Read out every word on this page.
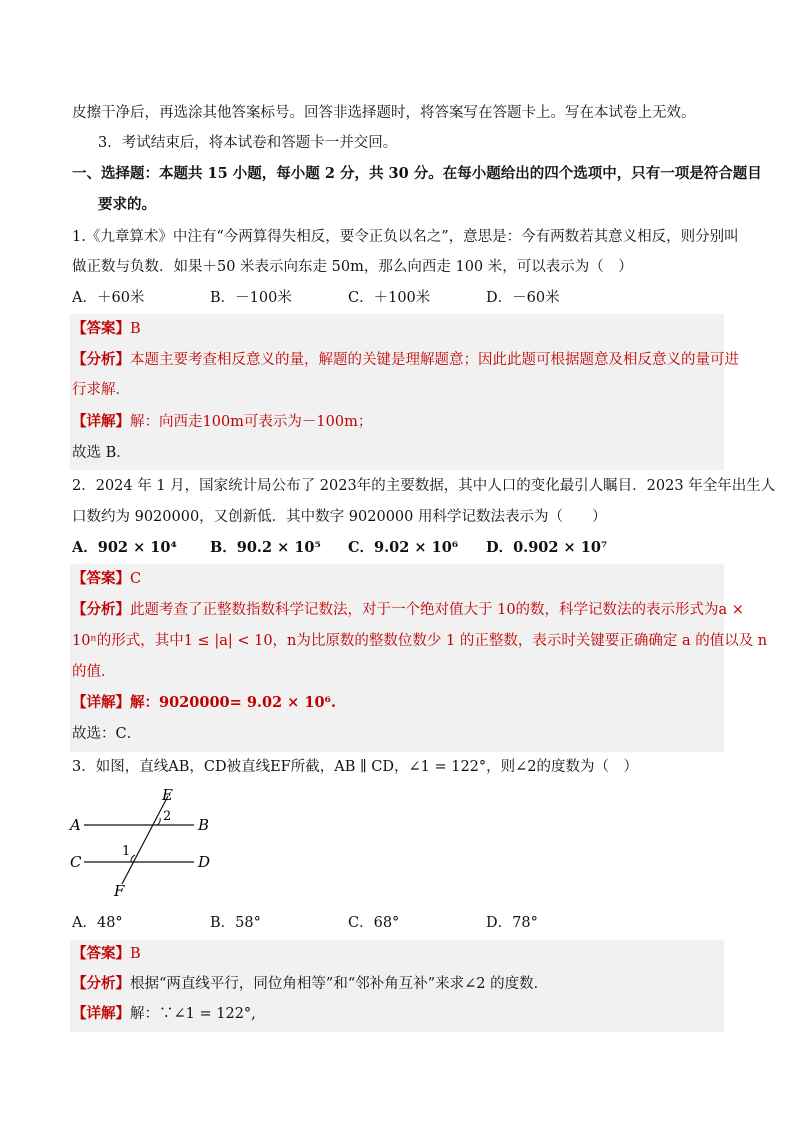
皮擦干净后，再选涂其他答案标号。回答非选择题时，将答案写在答题卡上。写在本试卷上无效。
3．考试结束后，将本试卷和答题卡一并交回。
一、选择题：本题共 15 小题，每小题 2 分，共 30 分。在每小题给出的四个选项中，只有一项是符合题目
要求的。
1.《九章算术》中注有“今两算得失相反，要令正负以名之”，意思是：今有两数若其意义相反，则分别叫
做正数与负数．如果＋50 米表示向东走 50m，那么向西走 100 米，可以表示为（　）
A．＋60米	B．－100米	C．＋100米	D．－60米
【答案】B
【分析】本题主要考查相反意义的量，解题的关键是理解题意；因此此题可根据题意及相反意义的量可进
行求解．
【详解】解：向西走100m可表示为－100m；
故选 B．
2．2024 年 1 月，国家统计局公布了 2023年的主要数据，其中人口的变化最引人瞩目．2023 年全年出生人
口数约为 9020000，又创新低．其中数字 9020000 用科学记数法表示为（　　）
A．902 × 10⁴ B．90.2 × 10⁵ C．9.02 × 10⁶ D．0.902 × 10⁷
【答案】C
【分析】此题考查了正整数指数科学记数法，对于一个绝对值大于 10的数，科学记数法的表示形式为a ×
10ⁿ的形式，其中1 ≤ |a| < 10，n为比原数的整数位数少 1 的正整数，表示时关键要正确确定 a 的值以及 n
的值．
【详解】解：9020000= 9.02 × 10⁶.
故选：C．
3．如图，直线AB，CD被直线EF所截，AB ∥ CD，∠1 = 122°，则∠2的度数为（　）
A	B
C	D
E
F
1
2
A．48°	B．58°	C．68°	D．78°
【答案】B
【分析】根据“两直线平行，同位角相等”和“邻补角互补”来求∠2 的度数．
【详解】解：∵∠1 = 122°,
